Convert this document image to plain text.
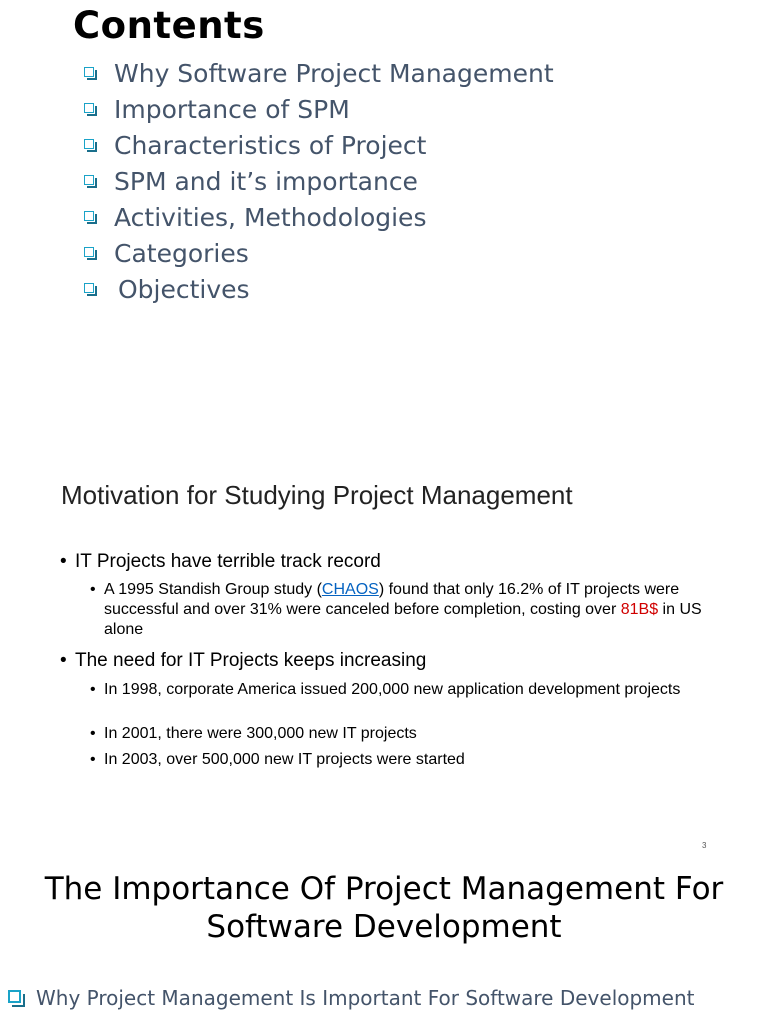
Contents
Why Software Project Management
Importance of SPM
Characteristics of Project
SPM and it’s importance
Activities, Methodologies
Categories
Objectives
Motivation for Studying Project Management
• IT Projects have terrible track record
• A 1995 Standish Group study (CHAOS) found that only 16.2% of IT projects were successful and over 31% were canceled before completion, costing over 81B$ in US alone
• The need for IT Projects keeps increasing
• In 1998, corporate America issued 200,000 new application development projects
• In 2001, there were 300,000 new IT projects
• In 2003, over 500,000 new IT projects were started
3
The Importance Of Project Management For
Software Development
Why Project Management Is Important For Software Development
